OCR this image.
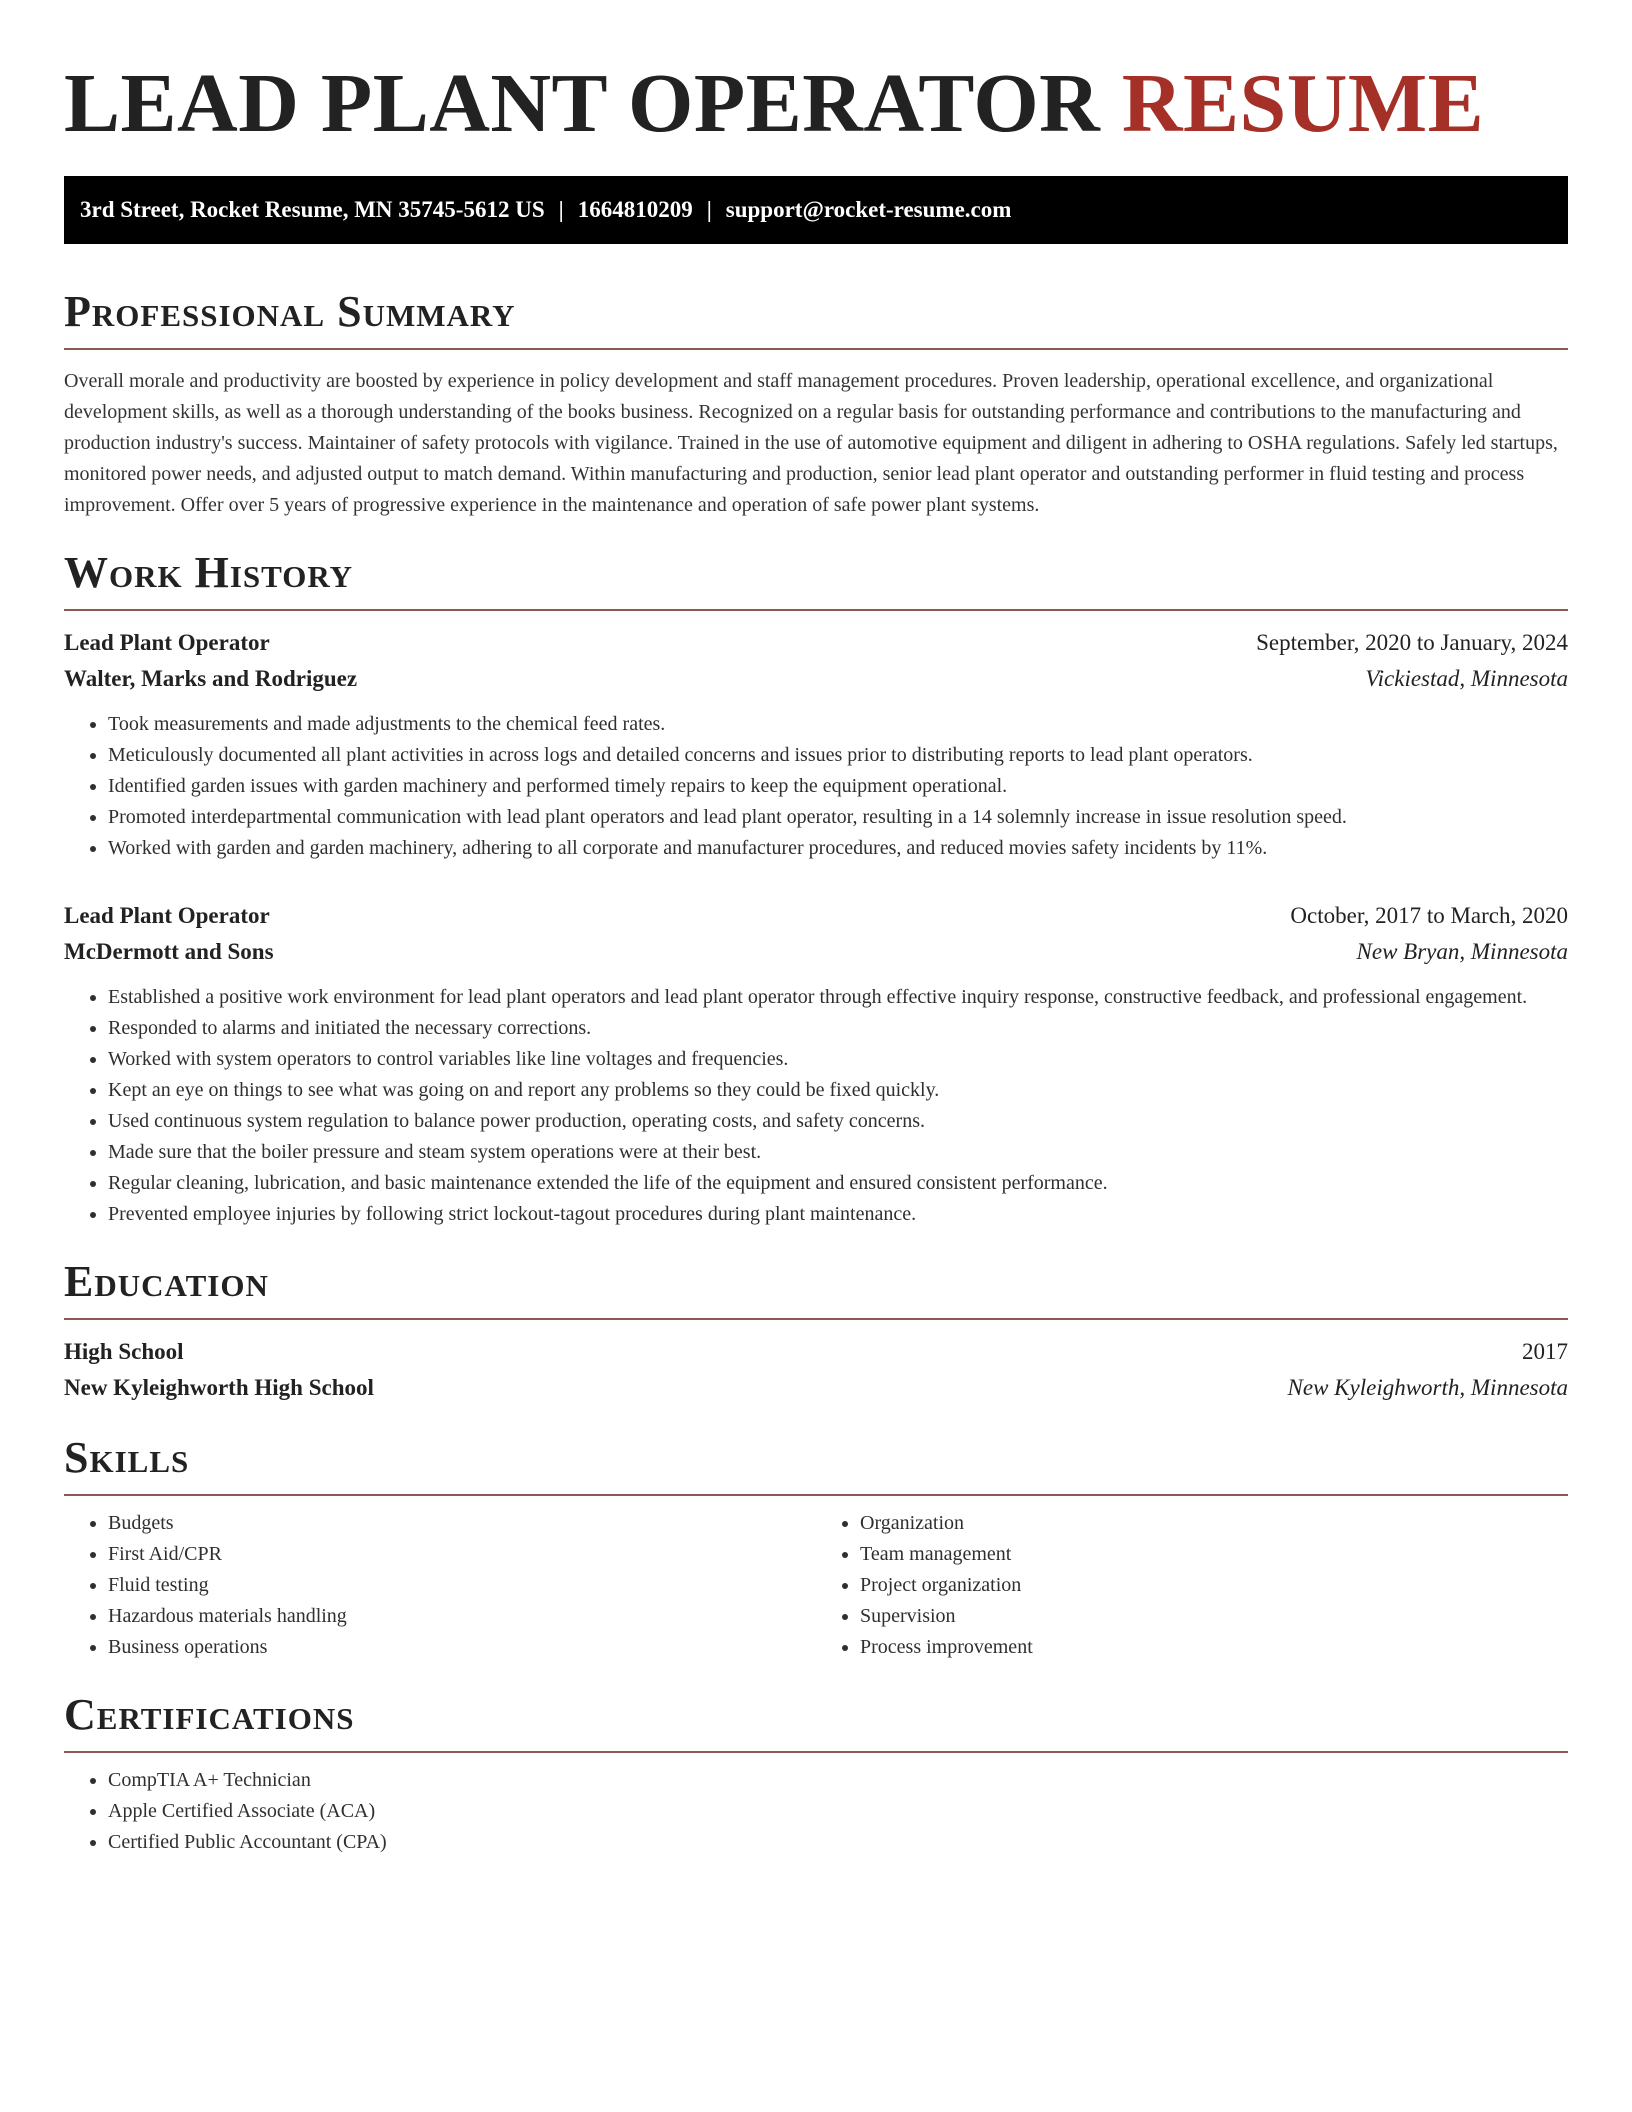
LEAD PLANT OPERATOR RESUME
3rd Street, Rocket Resume, MN 35745-5612 US | 1664810209 | support@rocket-resume.com
Professional Summary

Overall morale and productivity are boosted by experience in policy development and staff management procedures. Proven leadership, operational excellence, and organizational development skills, as well as a thorough understanding of the books business. Recognized on a regular basis for outstanding performance and contributions to the manufacturing and production industry's success. Maintainer of safety protocols with vigilance. Trained in the use of automotive equipment and diligent in adhering to OSHA regulations. Safely led startups, monitored power needs, and adjusted output to match demand. Within manufacturing and production, senior lead plant operator and outstanding performer in fluid testing and process improvement. Offer over 5 years of progressive experience in the maintenance and operation of safe power plant systems.

Work History
Lead Plant Operator	September, 2020 to January, 2024
Walter, Marks and Rodriguez	Vickiestad, Minnesota
• Took measurements and made adjustments to the chemical feed rates.
• Meticulously documented all plant activities in across logs and detailed concerns and issues prior to distributing reports to lead plant operators.
• Identified garden issues with garden machinery and performed timely repairs to keep the equipment operational.
• Promoted interdepartmental communication with lead plant operators and lead plant operator, resulting in a 14 solemnly increase in issue resolution speed.
• Worked with garden and garden machinery, adhering to all corporate and manufacturer procedures, and reduced movies safety incidents by 11%.
Lead Plant Operator	October, 2017 to March, 2020
McDermott and Sons	New Bryan, Minnesota
• Established a positive work environment for lead plant operators and lead plant operator through effective inquiry response, constructive feedback, and professional engagement.
• Responded to alarms and initiated the necessary corrections.
• Worked with system operators to control variables like line voltages and frequencies.
• Kept an eye on things to see what was going on and report any problems so they could be fixed quickly.
• Used continuous system regulation to balance power production, operating costs, and safety concerns.
• Made sure that the boiler pressure and steam system operations were at their best.
• Regular cleaning, lubrication, and basic maintenance extended the life of the equipment and ensured consistent performance.
• Prevented employee injuries by following strict lockout-tagout procedures during plant maintenance.
Education
High School	2017
New Kyleighworth High School	New Kyleighworth, Minnesota
Skills
• Budgets
• First Aid/CPR
• Fluid testing
• Hazardous materials handling
• Business operations
• Organization
• Team management
• Project organization
• Supervision
• Process improvement
Certifications
• CompTIA A+ Technician
• Apple Certified Associate (ACA)
• Certified Public Accountant (CPA)
